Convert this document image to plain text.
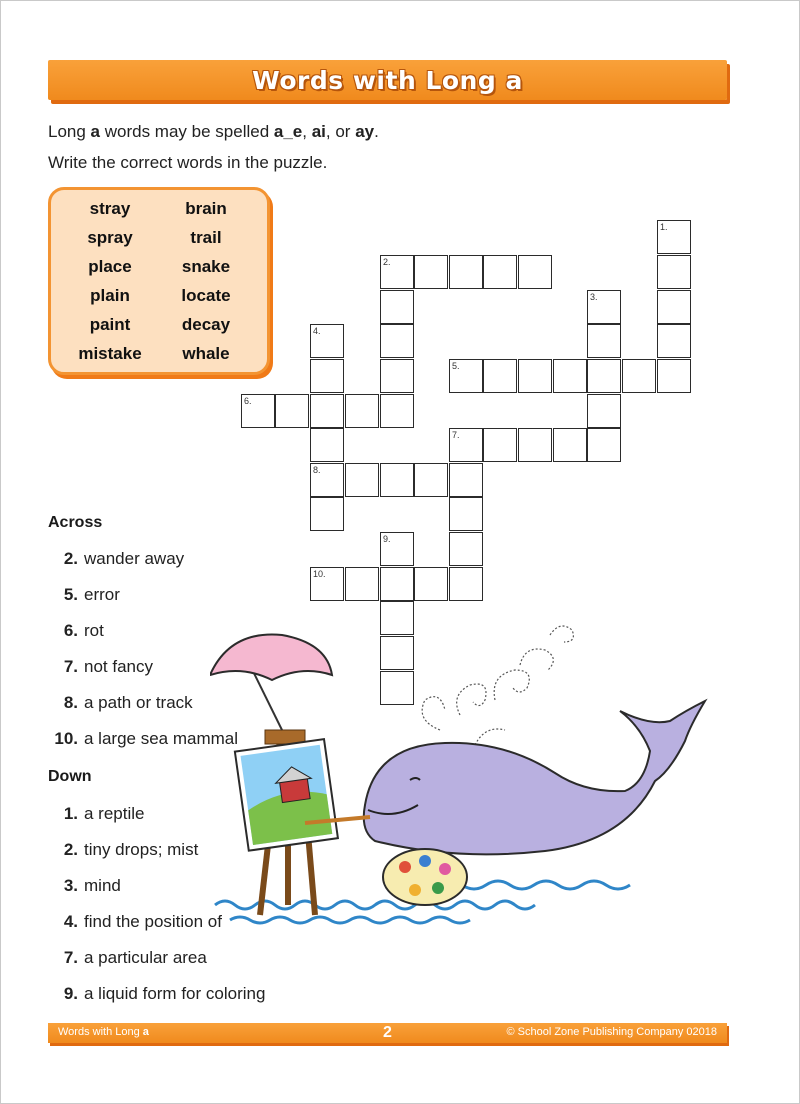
Words with Long a
Long a words may be spelled a_e, ai, or ay.
Write the correct words in the puzzle.
stray	brain
spray	trail
place	snake
plain	locate
paint	decay
mistake	whale
1.
2.
3.
4.
5.
6.
7.
8.
9.
10.
Across
2. wander away
5. error
6. rot
7. not fancy
8. a path or track
10. a large sea mammal
Down
1. a reptile
2. tiny drops; mist
3. mind
4. find the position of
7. a particular area
9. a liquid form for coloring
Words with Long a	2	© School Zone Publishing Company 02018
